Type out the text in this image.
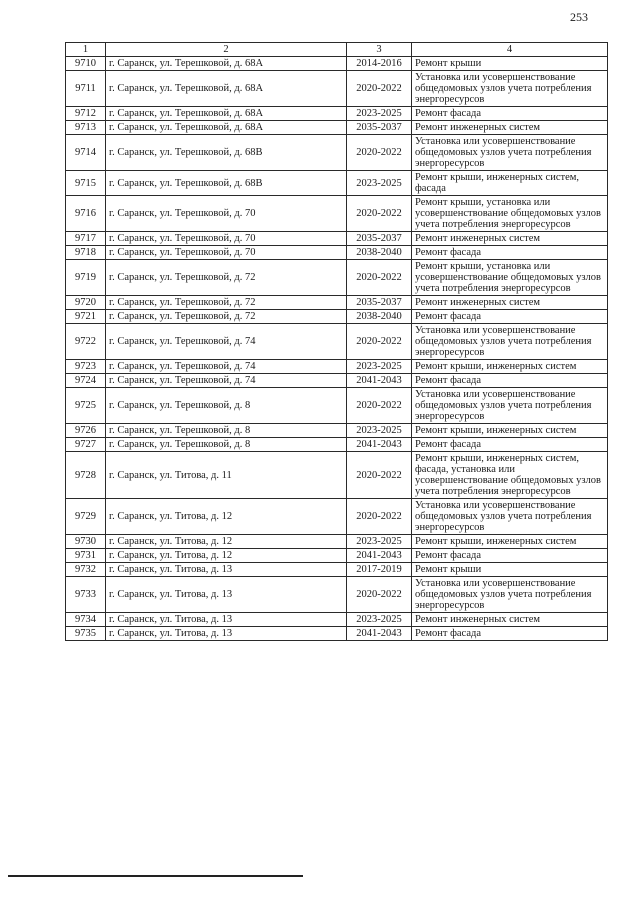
253
1	2	3	4
9710	г. Саранск, ул. Терешковой, д. 68А	2014-2016	Ремонт крыши
9711	г. Саранск, ул. Терешковой, д. 68А	2020-2022	Установка или усовершенствование общедомовых узлов учета потребления энергоресурсов
9712	г. Саранск, ул. Терешковой, д. 68А	2023-2025	Ремонт фасада
9713	г. Саранск, ул. Терешковой, д. 68А	2035-2037	Ремонт инженерных систем
9714	г. Саранск, ул. Терешковой, д. 68В	2020-2022	Установка или усовершенствование общедомовых узлов учета потребления энергоресурсов
9715	г. Саранск, ул. Терешковой, д. 68В	2023-2025	Ремонт крыши, инженерных систем, фасада
9716	г. Саранск, ул. Терешковой, д. 70	2020-2022	Ремонт крыши, установка или усовершенствование общедомовых узлов учета потребления энергоресурсов
9717	г. Саранск, ул. Терешковой, д. 70	2035-2037	Ремонт инженерных систем
9718	г. Саранск, ул. Терешковой, д. 70	2038-2040	Ремонт фасада
9719	г. Саранск, ул. Терешковой, д. 72	2020-2022	Ремонт крыши, установка или усовершенствование общедомовых узлов учета потребления энергоресурсов
9720	г. Саранск, ул. Терешковой, д. 72	2035-2037	Ремонт инженерных систем
9721	г. Саранск, ул. Терешковой, д. 72	2038-2040	Ремонт фасада
9722	г. Саранск, ул. Терешковой, д. 74	2020-2022	Установка или усовершенствование общедомовых узлов учета потребления энергоресурсов
9723	г. Саранск, ул. Терешковой, д. 74	2023-2025	Ремонт крыши, инженерных систем
9724	г. Саранск, ул. Терешковой, д. 74	2041-2043	Ремонт фасада
9725	г. Саранск, ул. Терешковой, д. 8	2020-2022	Установка или усовершенствование общедомовых узлов учета потребления энергоресурсов
9726	г. Саранск, ул. Терешковой, д. 8	2023-2025	Ремонт крыши, инженерных систем
9727	г. Саранск, ул. Терешковой, д. 8	2041-2043	Ремонт фасада
9728	г. Саранск, ул. Титова, д. 11	2020-2022	Ремонт крыши, инженерных систем, фасада, установка или усовершенствование общедомовых узлов учета потребления энергоресурсов
9729	г. Саранск, ул. Титова, д. 12	2020-2022	Установка или усовершенствование общедомовых узлов учета потребления энергоресурсов
9730	г. Саранск, ул. Титова, д. 12	2023-2025	Ремонт крыши, инженерных систем
9731	г. Саранск, ул. Титова, д. 12	2041-2043	Ремонт фасада
9732	г. Саранск, ул. Титова, д. 13	2017-2019	Ремонт крыши
9733	г. Саранск, ул. Титова, д. 13	2020-2022	Установка или усовершенствование общедомовых узлов учета потребления энергоресурсов
9734	г. Саранск, ул. Титова, д. 13	2023-2025	Ремонт инженерных систем
9735	г. Саранск, ул. Титова, д. 13	2041-2043	Ремонт фасада
